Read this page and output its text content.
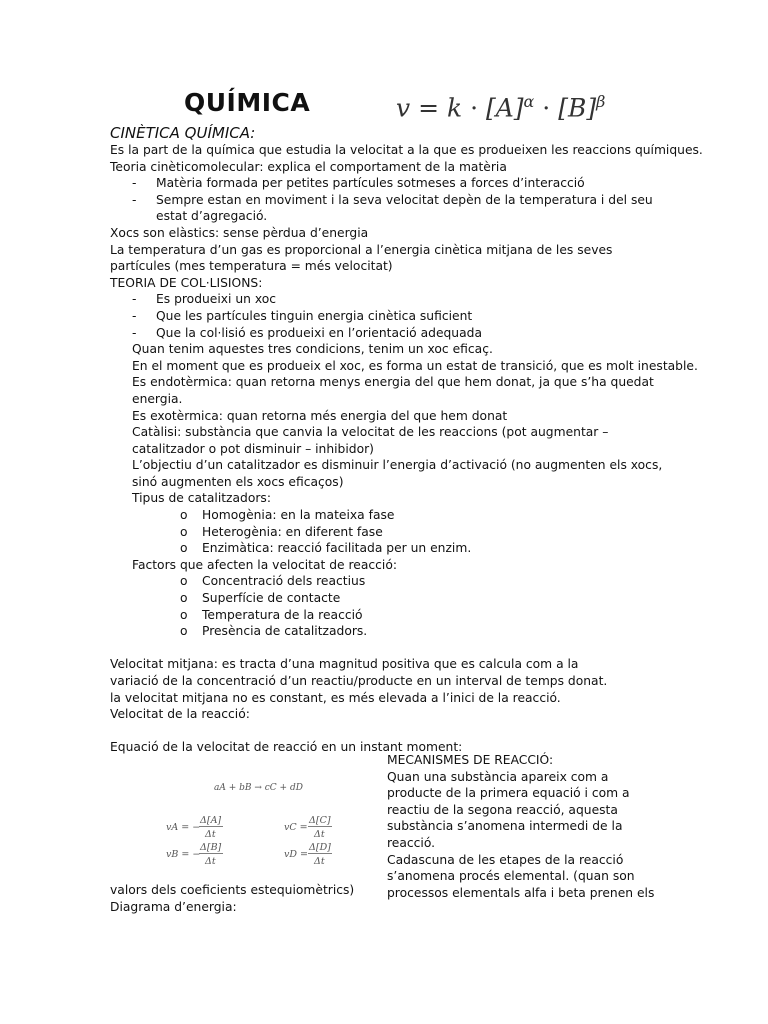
QUÍMICA	$v = k \cdot [A]^\alpha \cdot [B]^\beta$
CINÈTICA QUÍMICA:
Es la part de la química que estudia la velocitat a la que es produeixen les reaccions químiques.
Teoria cinèticomolecular: explica el comportament de la matèria
-	Matèria formada per petites partícules sotmeses a forces d’interacció
-	Sempre estan en moviment i la seva velocitat depèn de la temperatura i del seu estat d’agregació.
Xocs son elàstics: sense pèrdua d’energia
La temperatura d’un gas es proporcional a l’energia cinètica mitjana de les seves partícules (mes temperatura = més velocitat)
TEORIA DE COL·LISIONS:
-	Es produeixi un xoc
-	Que les partícules tinguin energia cinètica suficient
-	Que la col·lisió es produeixi en l’orientació adequada
Quan tenim aquestes tres condicions, tenim un xoc eficaç.
En el moment que es produeix el xoc, es forma un estat de transició, que es molt inestable.
Es endotèrmica: quan retorna menys energia del que hem donat, ja que s’ha quedat energia.
Es exotèrmica: quan retorna més energia del que hem donat
Catàlisi: substància que canvia la velocitat de les reaccions (pot augmentar – catalitzador o pot disminuir – inhibidor)
L’objectiu d’un catalitzador es disminuir l’energia d’activació (no augmenten els xocs, sinó augmenten els xocs eficaços)
Tipus de catalitzadors:
o	Homogènia: en la mateixa fase
o	Heterogènia: en diferent fase
o	Enzimàtica: reacció facilitada per un enzim.
Factors que afecten la velocitat de reacció:
o	Concentració dels reactius
o	Superfície de contacte
o	Temperatura de la reacció
o	Presència de catalitzadors.
Velocitat mitjana: es tracta d’una magnitud positiva que es calcula com a la variació de la concentració d’un reactiu/producte en un interval de temps donat.
la velocitat mitjana no es constant, es més elevada a l’inici de la reacció.
Velocitat de la reacció:
Equació de la velocitat de reacció en un instant moment:
MECANISMES DE REACCIÓ:
Quan una substància apareix com a producte de la primera equació i com a reactiu de la segona reacció, aquesta substància s’anomena intermedi de la reacció.
Cadascuna de les etapes de la reacció s’anomena procés elemental. (quan son processos elementals alfa i beta prenen els
aA + bB → cC + dD
vA = −
Δ[A]
Δt
vC =
Δ[C]
Δt
vB = −
Δ[B]
Δt
vD =
Δ[D]
Δt
valors dels coeficients estequiomètrics)
Diagrama d’energia:
